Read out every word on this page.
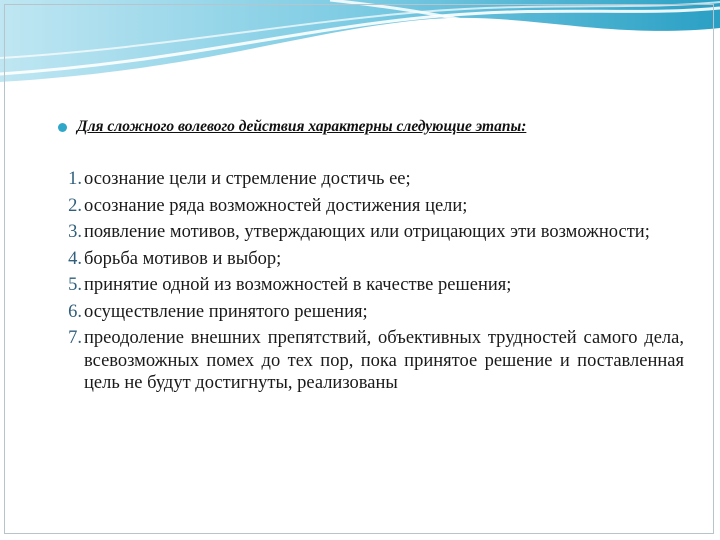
Для сложного волевого действия характерны следующие этапы:
1. осознание цели и стремление достичь ее;
2. осознание ряда возможностей достижения цели;
3. появление мотивов, утверждающих или отрицающих эти возможности;
4. борьба мотивов и выбор;
5. принятие одной из возможностей в качестве решения;
6. осуществление принятого решения;
7. преодоление внешних препятствий, объективных трудностей самого дела, всевозможных помех до тех пор, пока принятое решение и поставленная цель не будут достигнуты, реализованы
